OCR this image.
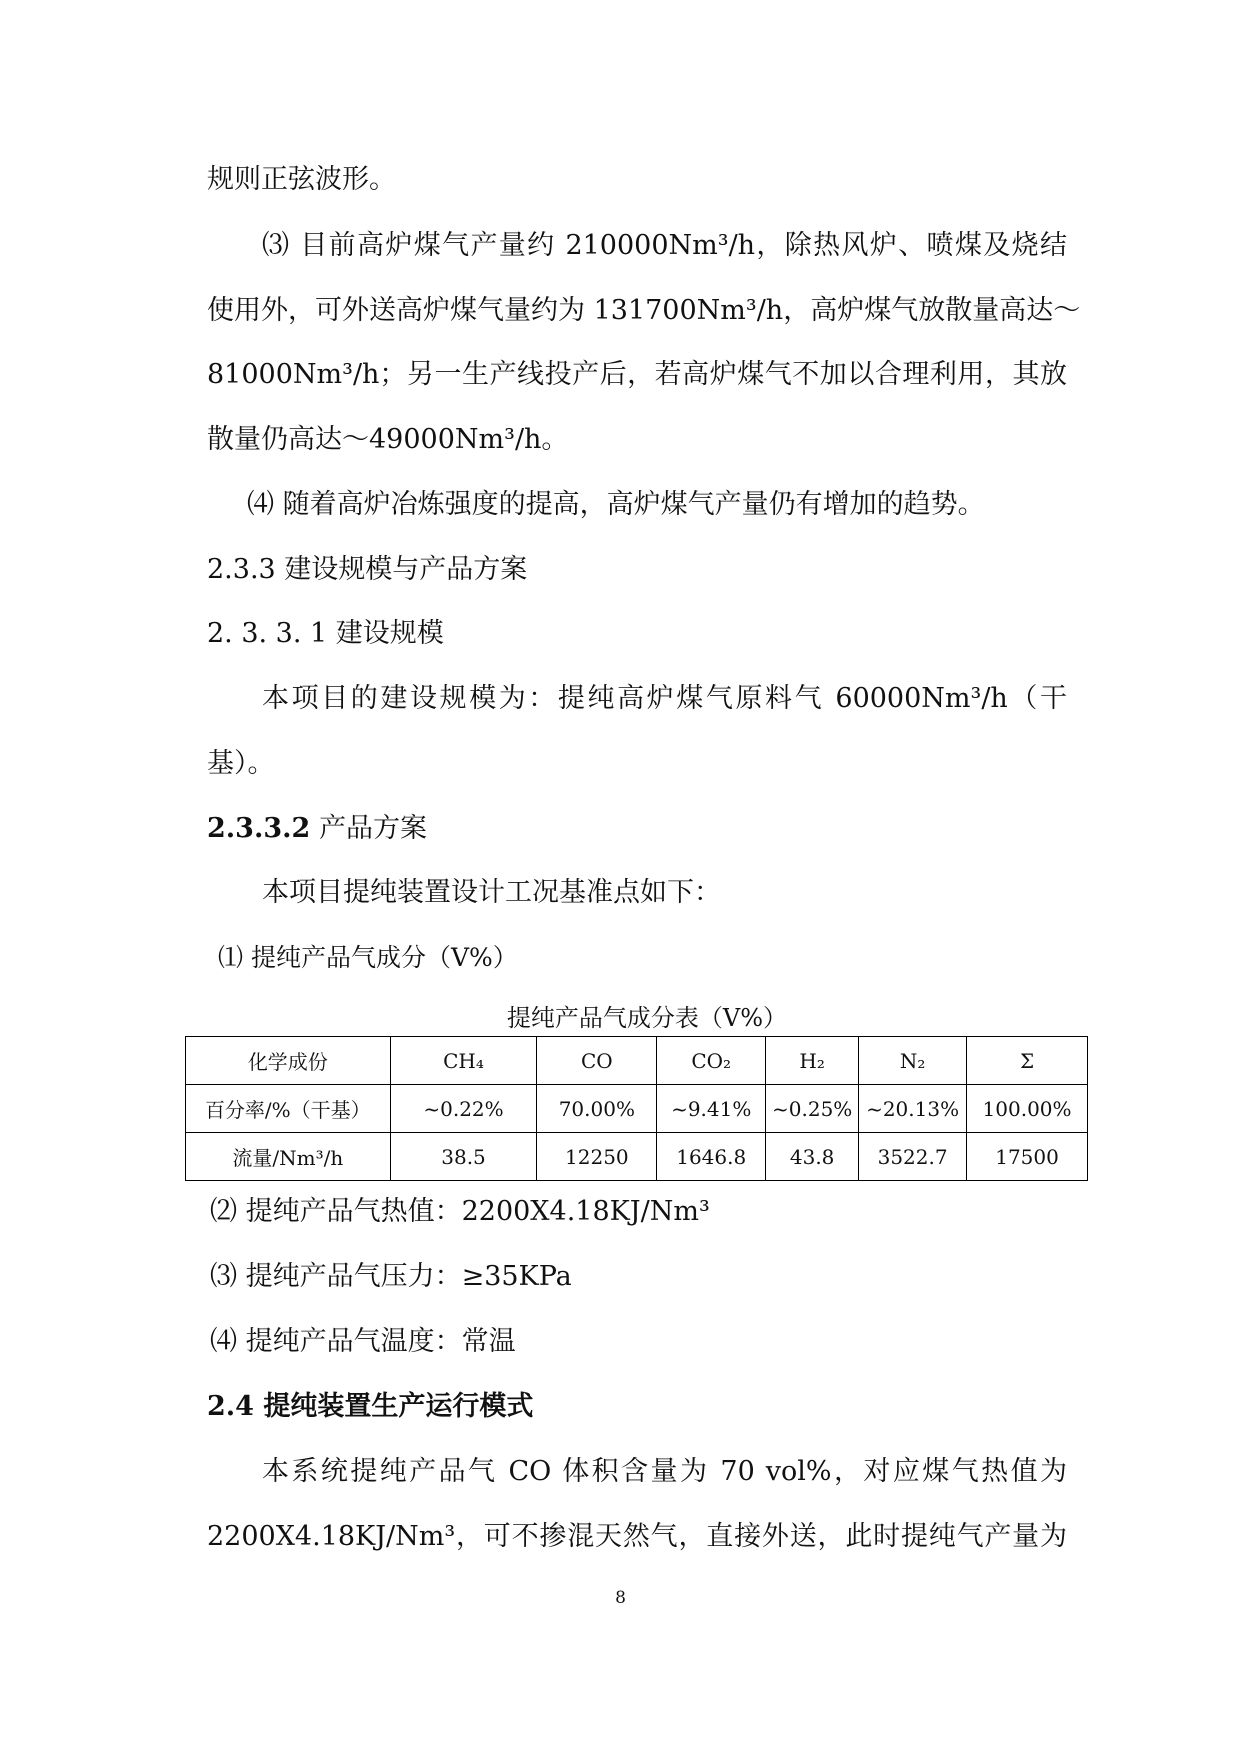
规则正弦波形。
⑶ 目前高炉煤气产量约 210000Nm³/h，除热风炉、喷煤及烧结
使用外，可外送高炉煤气量约为 131700Nm³/h，高炉煤气放散量高达～
81000Nm³/h；另一生产线投产后，若高炉煤气不加以合理利用，其放
散量仍高达～49000Nm³/h。
⑷ 随着高炉冶炼强度的提高，高炉煤气产量仍有增加的趋势。
2.3.3 建设规模与产品方案
2. 3. 3. 1 建设规模
本项目的建设规模为：提纯高炉煤气原料气 60000Nm³/h（干
基）。
2.3.3.2 产品方案
本项目提纯装置设计工况基准点如下：
⑴ 提纯产品气成分（V%）
提纯产品气成分表（V%）
化学成份	CH₄	CO	CO₂	H₂	N₂	Σ
百分率/%（干基）	~0.22%	70.00%	~9.41%	~0.25%	~20.13%	100.00%
流量/Nm³/h	38.5	12250	1646.8	43.8	3522.7	17500
⑵ 提纯产品气热值：2200X4.18KJ/Nm³
⑶ 提纯产品气压力：≥35KPa
⑷ 提纯产品气温度：常温
2.4 提纯装置生产运行模式
本系统提纯产品气 CO 体积含量为 70 vol%，对应煤气热值为
2200X4.18KJ/Nm³，可不掺混天然气，直接外送，此时提纯气产量为
8
